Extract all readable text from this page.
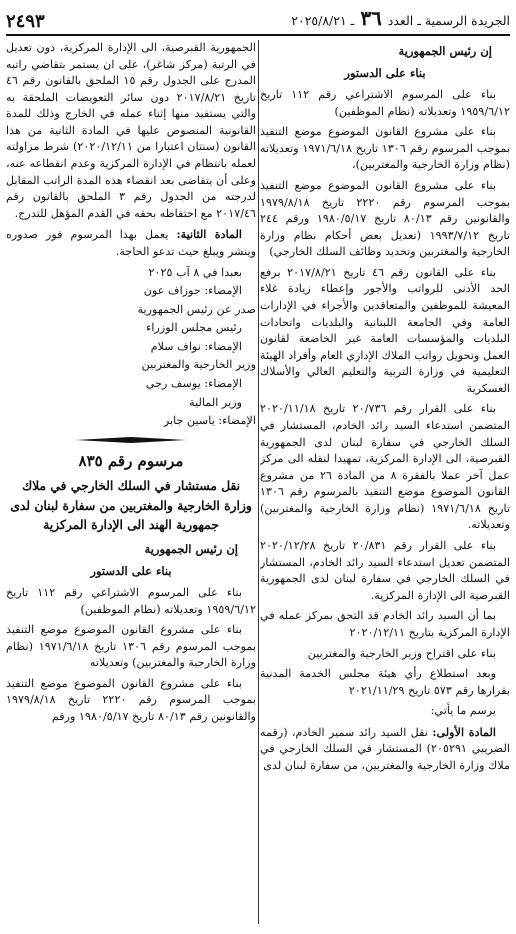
الجريدة الرسمية ـ العدد ٣٦ ـ ٢٠٢٥/٨/٢١
٢٤٩٣

إن رئيس الجمهورية

بناء على الدستور

بناء على المرسوم الاشتراعي رقم ١١٢ تاريخ ١٩٥٩/٦/١٢ وتعديلاته (نظام الموظفين)

بناء على مشروع القانون الموضوع موضع التنفيذ بموجب المرسوم رقم ١٣٠٦ تاريخ ١٩٧١/٦/١٨ وتعديلاته (نظام وزارة الخارجية والمغتربين)،

بناء على مشروع القانون الموضوع موضع التنفيذ بموجب المرسوم رقم ٢٢٢٠ تاريخ ١٩٧٩/٨/١٨ والقانونين رقم ٨٠/١٣ تاريخ ١٩٨٠/٥/١٧ ورقم ٢٤٤ تاريخ ١٩٩٣/٧/١٢ (تعديل بعض أحكام نظام وزارة الخارجية والمغتربين وتحديد وظائف السلك الخارجي)

بناء على القانون رقم ٤٦ تاريخ ٢٠١٧/٨/٢١ برفع الحد الأدنى للرواتب والأجور وإعطاء زيادة غلاء المعيشة للموظفين والمتعاقدين والأجراء في الإدارات العامة وفي الجامعة اللبنانية والبلديات واتحادات البلديات والمؤسسات العامة غير الخاضعة لقانون العمل وتحويل رواتب الملاك الإداري العام وأفراد الهيئة التعليمية في وزارة التربية والتعليم العالي والأسلاك العسكرية

بناء على القرار رقم ٢٠/٧٣٦ تاريخ ٢٠٢٠/١١/١٨ المتضمن استدعاء السيد رائد الخادم، المستشار في السلك الخارجي في سفارة لبنان لدى الجمهورية القبرصية، الى الإدارة المركزية، تمهيدا لنقله الى مركز عمل آخر عملا بالفقرة ٨ من المادة ٢٦ من مشروع القانون الموضوع موضع التنفيذ بالمرسوم رقم ١٣٠٦ تاريخ ١٩٧١/٦/١٨ (نظام وزارة الخارجية والمغتربين) وتعديلاته.

بناء على القرار رقم ٢٠/٨٣١ تاريخ ٢٠٢٠/١٢/٢٨ المتضمن تعديل استدعاء السيد رائد الخادم، المستشار في السلك الخارجي في سفارة لبنان لدى الجمهورية القبرصية الى الإدارة المركزية.

بما أن السيد رائد الخادم قد التحق بمركز عمله في الإدارة المركزية بتاريخ ٢٠٢٠/١٢/١١

بناء على اقتراح وزير الخارجية والمغتربين

وبعد استطلاع رأي هيئة مجلس الخدمة المدنية بقرارها رقم ٥٧٣ تاريخ ٢٠٢١/١١/٢٩

يرسم ما يأتي:

المادة الأولى: نقل السيد رائد سمير الخادم، (رقمه الضريبي ٢٠٥٢٩١) المستشار في السلك الخارجي في ملاك وزارة الخارجية والمغتربين، من سفارة لبنان لدى

الجمهورية القبرصية، الى الإدارة المركزية، دون تعديل في الرتبة (مركز شاغر)، على ان يستمر بتقاضي راتبه المدرج على الجدول رقم ١٥ الملحق بالقانون رقم ٤٦ تاريخ ٢٠١٧/٨/٢١ دون سائر التعويضات الملحقة به والتي يستفيد منها إثناء عمله في الخارج وذلك للمدة القانونية المنصوص عليها في المادة الثانية من هذا القانون (سنتان اعتبارا من ٢٠٢٠/١٢/١١) شرط مزاولته لعمله بانتظام في الإدارة المركزية وعدم انقطاعه عنه، وعلى أن يتقاضى بعد انقضاء هذه المدة الراتب المقابل لدرجته من الجدول رقم ٣ الملحق بالقانون رقم ٢٠١٧/٤٦ مع احتفاظه بحقه في القدم المؤهل للتدرج.

المادة الثانية: يعمل بهذا المرسوم فور صدوره وينشر ويبلغ حيث تدعو الحاجة.

بعبدا في ٨ آب ٢٠٢٥

الإمضاء: جوزاف عون

صدر عن رئيس الجمهورية

رئيس مجلس الوزراء

الإمضاء: نواف سلام

وزير الخارجية والمغتربين

الإمضاء: يوسف رجي

وزير المالية

الإمضاء: ياسين جابر

مرسوم رقم ٨٣٥

نقل مستشار في السلك الخارجي في ملاك وزارة الخارجية والمغتربين من سفارة لبنان لدى جمهورية الهند الى الإدارة المركزية

إن رئيس الجمهورية

بناء على الدستور

بناء على المرسوم الاشتراعي رقم ١١٢ تاريخ ١٩٥٩/٦/١٢ وتعديلاته (نظام الموظفين)

بناء على مشروع القانون الموضوع موضع التنفيذ بموجب المرسوم رقم ١٣٠٦ تاريخ ١٩٧١/٦/١٨ (نظام وزارة الخارجية والمغتربين) وتعديلاته

بناء على مشروع القانون الموضوع موضع التنفيذ بموجب المرسوم رقم ٢٢٢٠ تاريخ ١٩٧٩/٨/١٨ والقانونين رقم ٨٠/١٣ تاريخ ١٩٨٠/٥/١٧ ورقم
